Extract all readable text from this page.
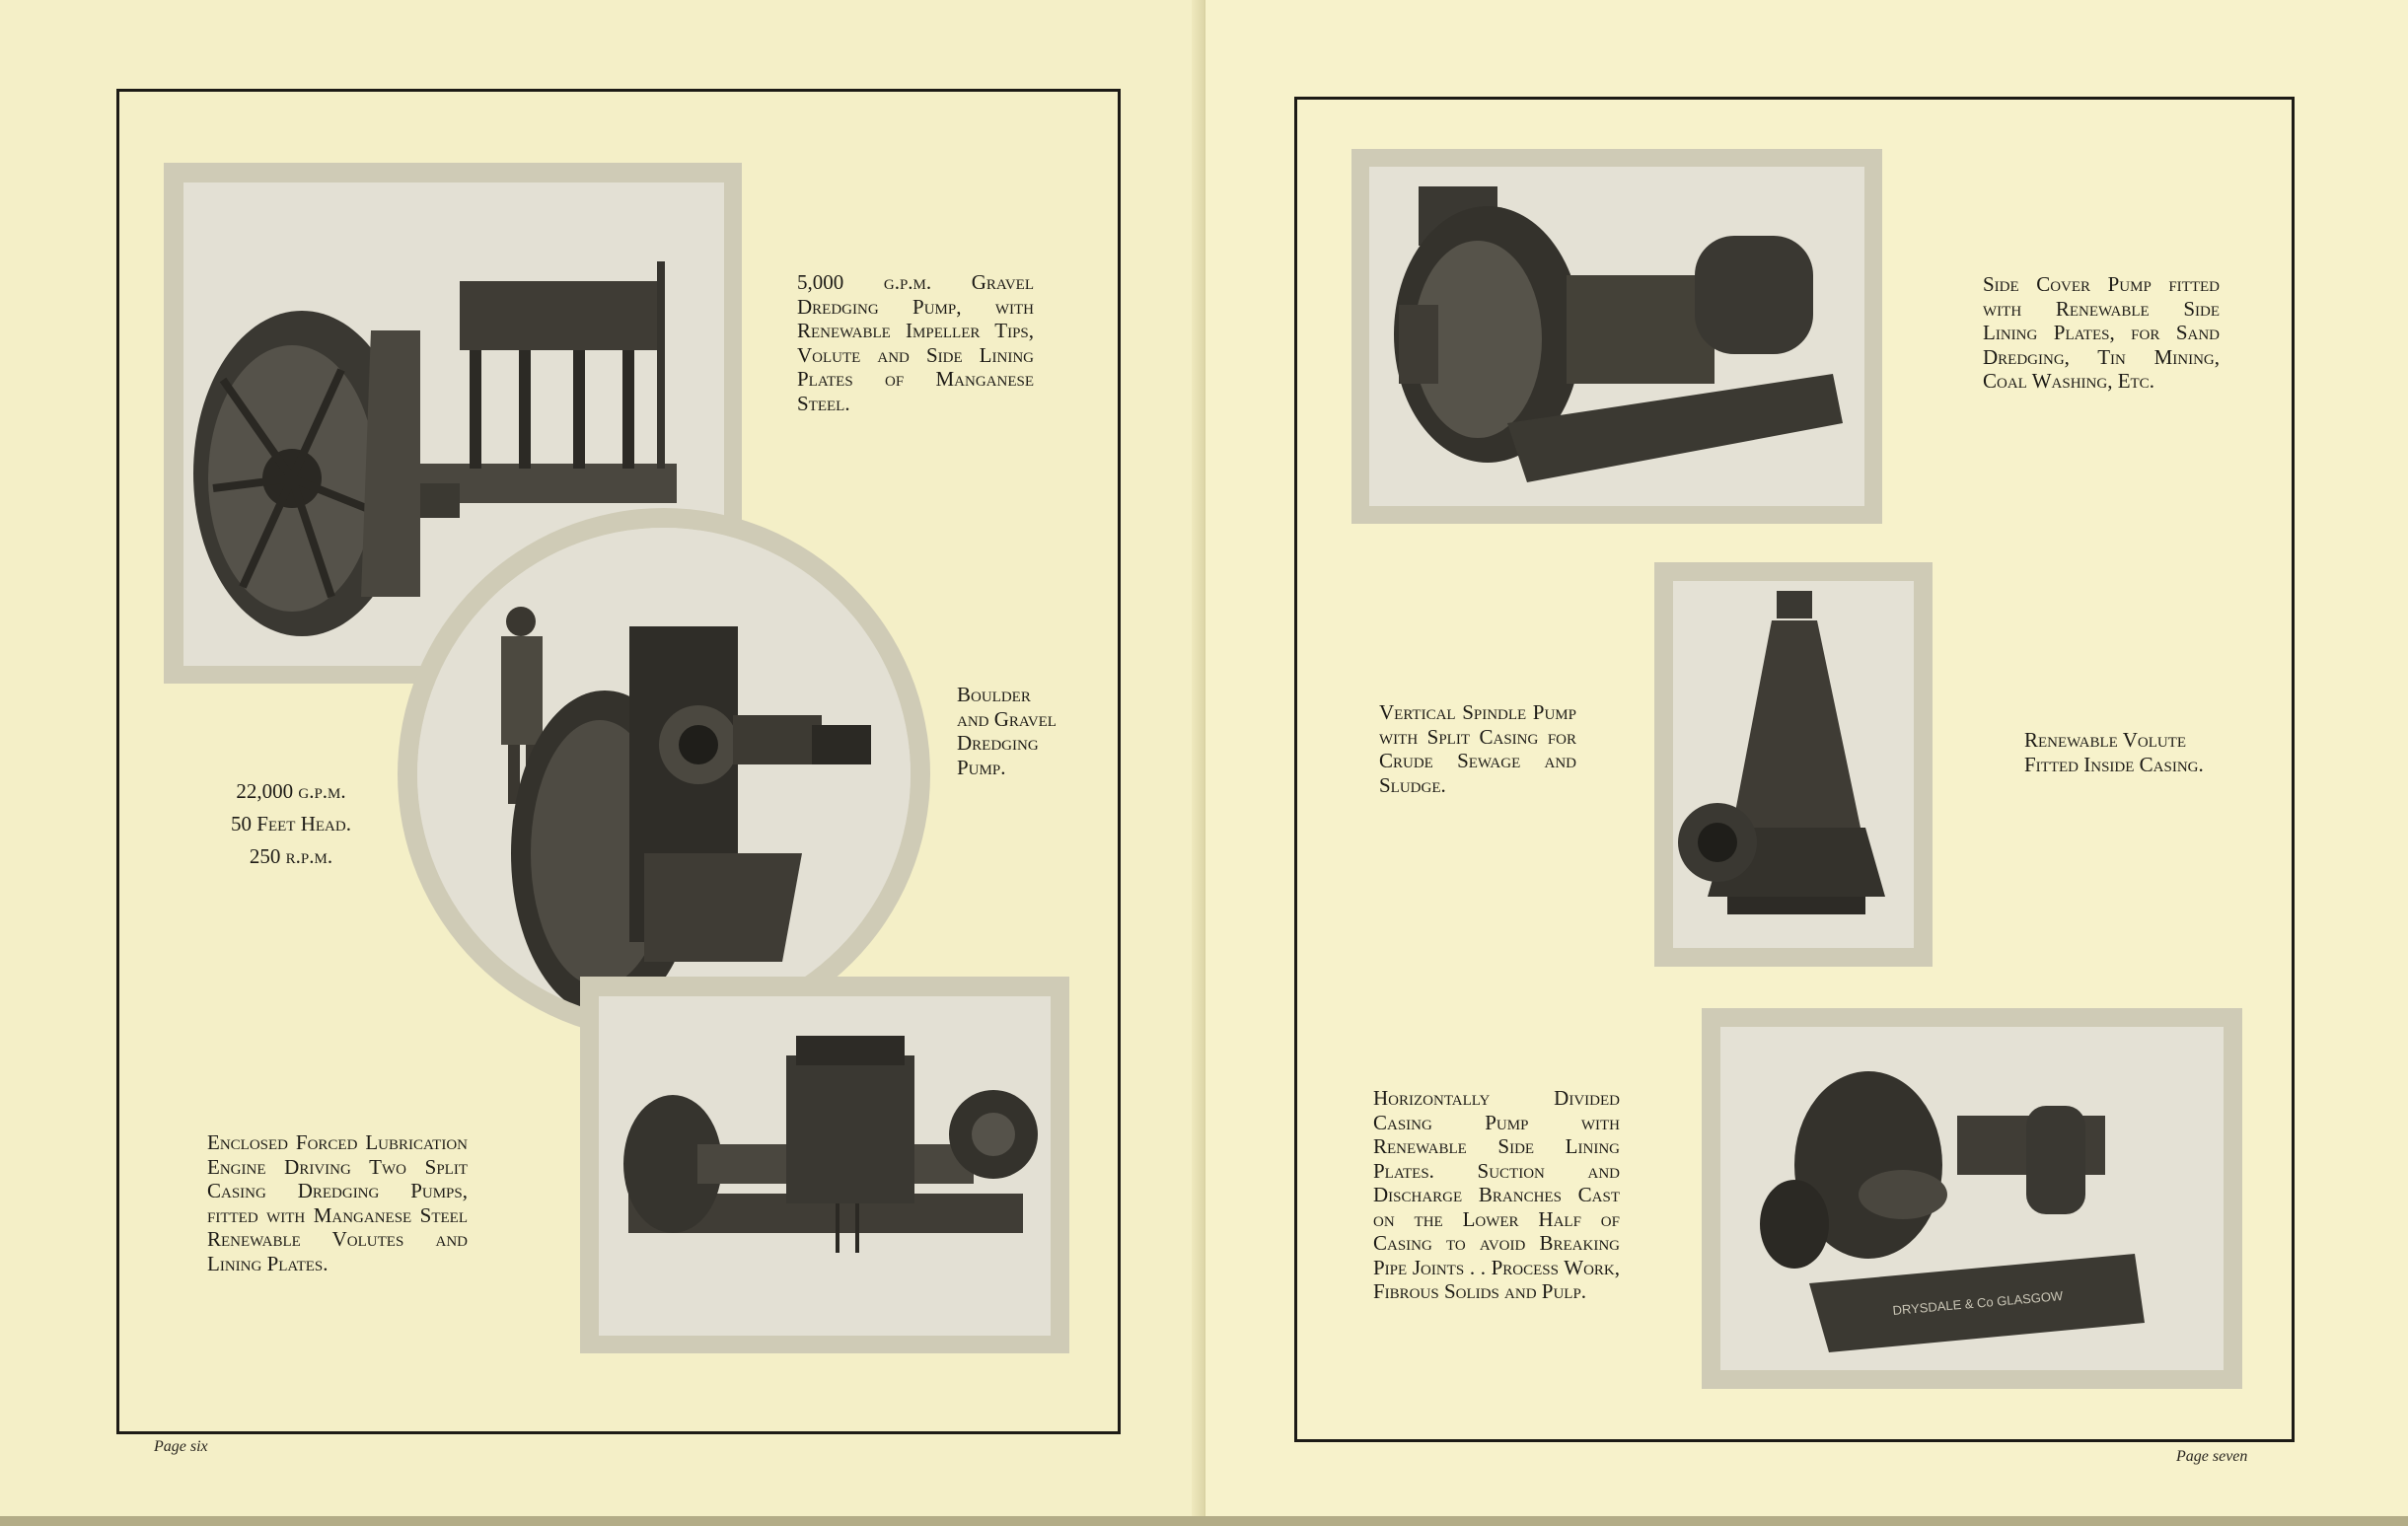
5,000 g.p.m. Gravel Dredging Pump, with Renewable Impeller Tips, Volute and Side Lining Plates of Manganese Steel.
Boulder and Gravel Dredging Pump.
22,000 g.p.m.
50 Feet Head.
250 r.p.m.
Enclosed Forced Lubrication Engine Driving Two Split Casing Dredging Pumps, fitted with Manganese Steel Renewable Volutes and Lining Plates.
Page six
Side Cover Pump fitted with Renewable Side Lining Plates, for Sand Dredging, Tin Mining, Coal Washing, Etc.
Vertical Spindle Pump with Split Casing for Crude Sewage and Sludge.
Renewable Volute Fitted Inside Casing.
DRYSDALE & Co GLASGOW
Horizontally Divided Casing Pump with Renewable Side Lining Plates. Suction and Discharge Branches Cast on the Lower Half of Casing to avoid Breaking Pipe Joints . . Process Work, Fibrous Solids and Pulp.
Page seven
